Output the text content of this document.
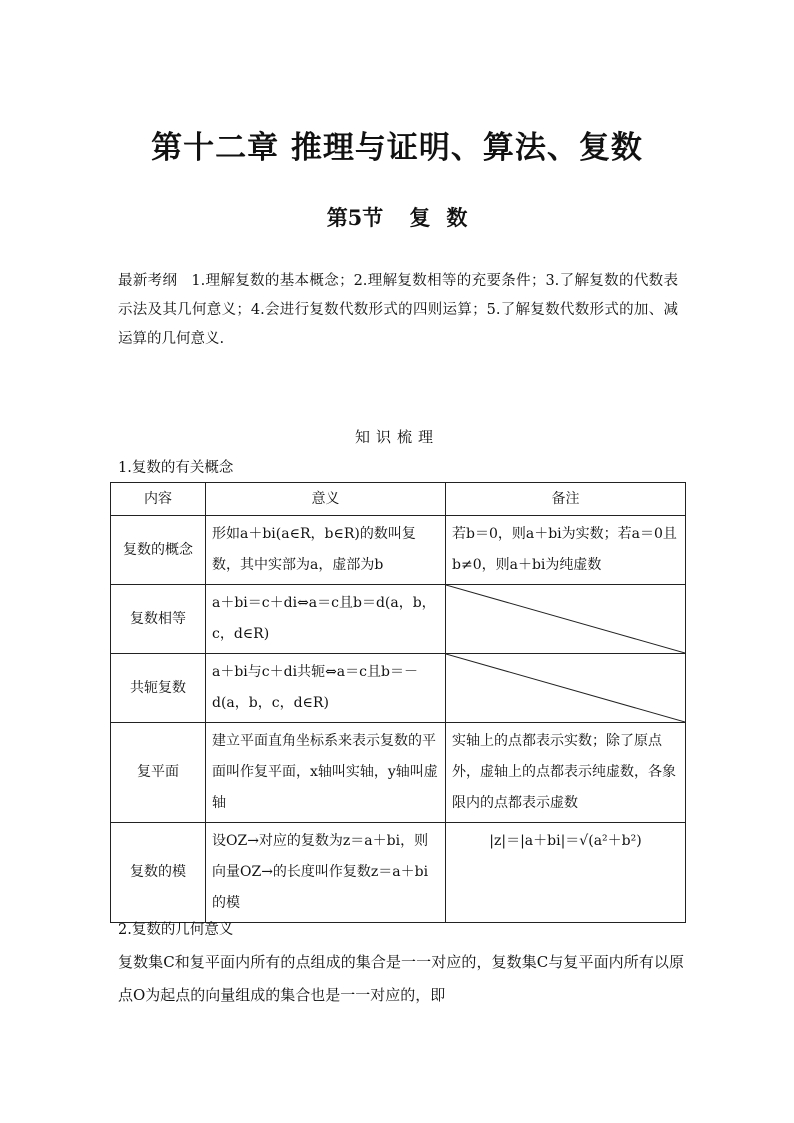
第十二章 推理与证明、算法、复数
第5节 复 数
最新考纲 1.理解复数的基本概念；2.理解复数相等的充要条件；3.了解复数的代数表示法及其几何意义；4.会进行复数代数形式的四则运算；5.了解复数代数形式的加、减运算的几何意义.
知识梳理
1.复数的有关概念
内容	意义	备注
复数的概念	形如a＋bi(a∈R，b∈R)的数叫复数，其中实部为a，虚部为b	若b＝0，则a＋bi为实数；若a＝0且b≠0，则a＋bi为纯虚数
复数相等	a＋bi＝c＋di⇔a＝c且b＝d(a，b，c，d∈R)	

共轭复数	a＋bi与c＋di共轭⇔a＝c且b＝－d(a，b，c，d∈R)	

复平面	建立平面直角坐标系来表示复数的平面叫作复平面，x轴叫实轴，y轴叫虚轴	实轴上的点都表示实数；除了原点外，虚轴上的点都表示纯虚数，各象限内的点都表示虚数
复数的模	设OZ→对应的复数为z＝a＋bi，则向量OZ→的长度叫作复数z＝a＋bi的模	|z|＝|a＋bi|＝√(a²＋b²)
2.复数的几何意义
复数集C和复平面内所有的点组成的集合是一一对应的，复数集C与复平面内所有以原点O为起点的向量组成的集合也是一一对应的，即
